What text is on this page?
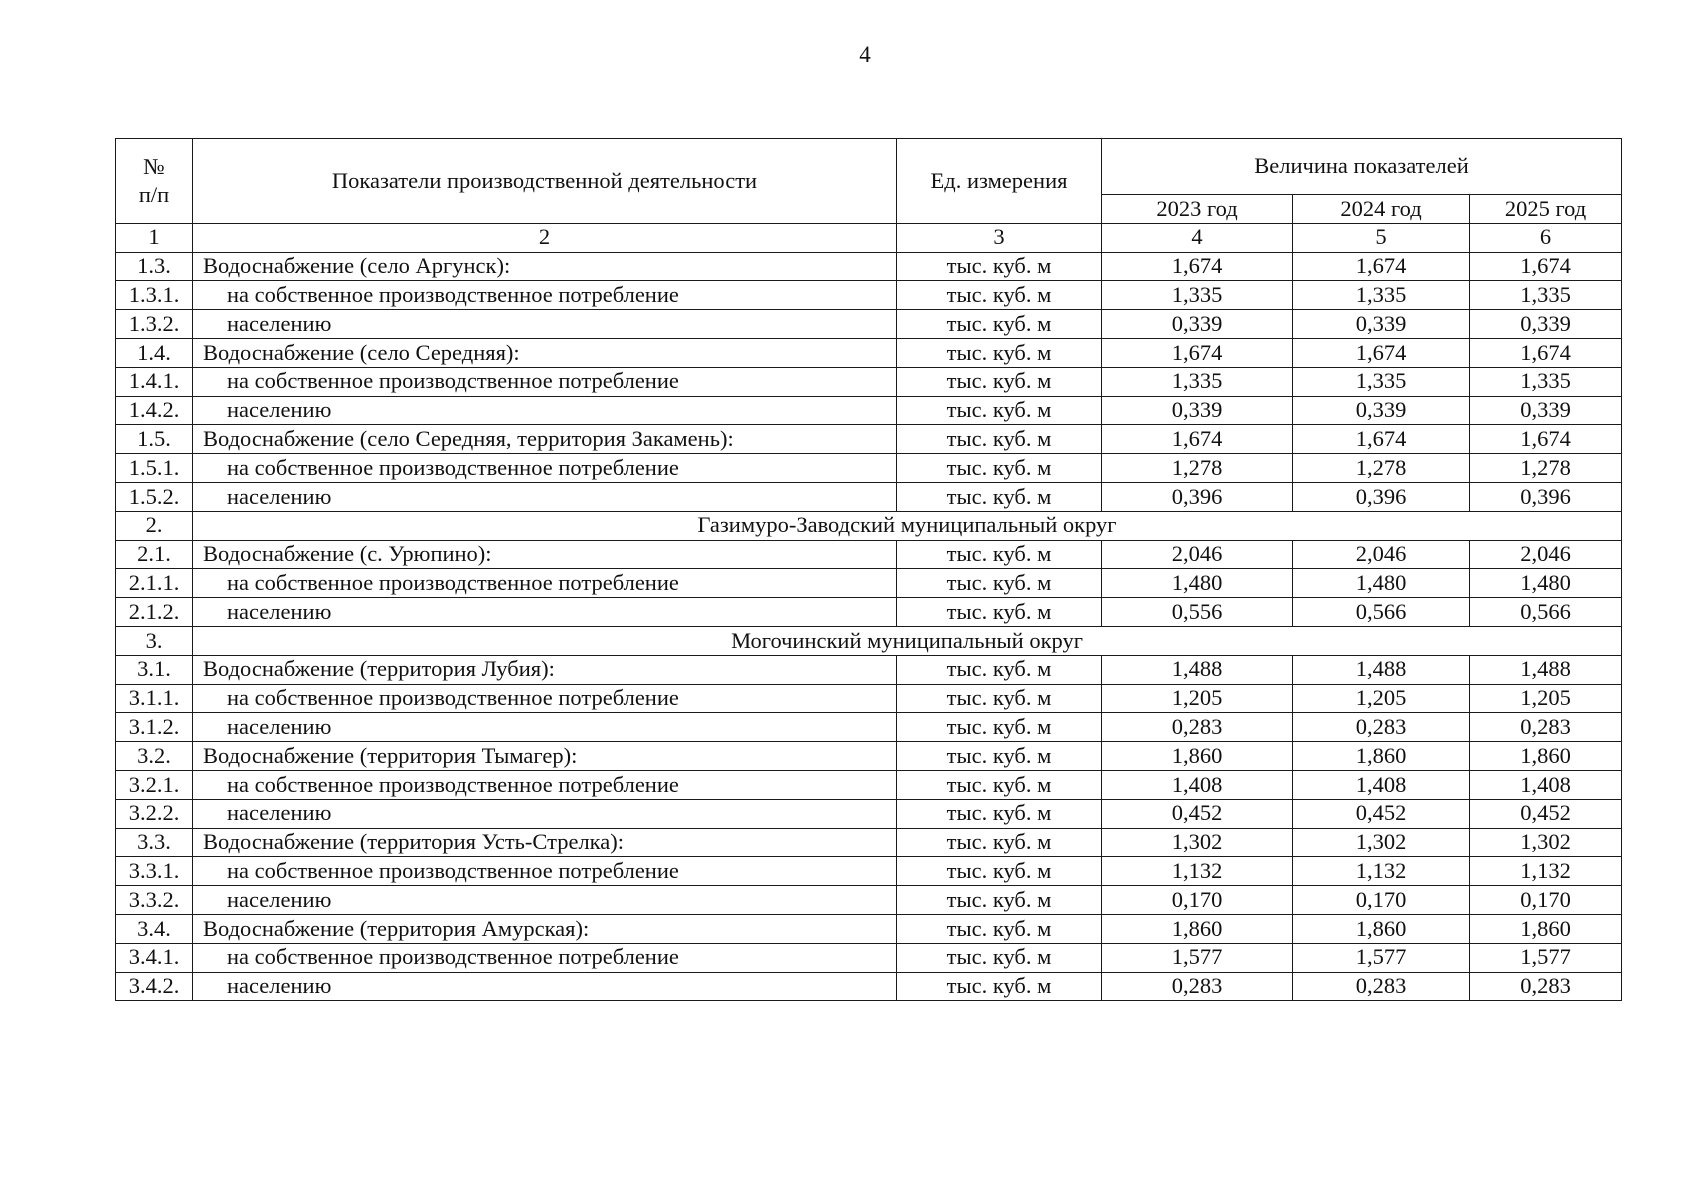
4
№
п/п	Показатели производственной деятельности	Ед. измерения	Величина показателей		
			2023 год	2024 год	2025 год
1	2	3	4	5	6
1.3.	Водоснабжение (село Аргунск):	тыс. куб. м	1,674	1,674	1,674
1.3.1.	на собственное производственное потребление	тыс. куб. м	1,335	1,335	1,335
1.3.2.	населению	тыс. куб. м	0,339	0,339	0,339
1.4.	Водоснабжение (село Середняя):	тыс. куб. м	1,674	1,674	1,674
1.4.1.	на собственное производственное потребление	тыс. куб. м	1,335	1,335	1,335
1.4.2.	населению	тыс. куб. м	0,339	0,339	0,339
1.5.	Водоснабжение (село Середняя, территория Закамень):	тыс. куб. м	1,674	1,674	1,674
1.5.1.	на собственное производственное потребление	тыс. куб. м	1,278	1,278	1,278
1.5.2.	населению	тыс. куб. м	0,396	0,396	0,396
2.	Газимуро-Заводский муниципальный округ				
2.1.	Водоснабжение (с. Урюпино):	тыс. куб. м	2,046	2,046	2,046
2.1.1.	на собственное производственное потребление	тыс. куб. м	1,480	1,480	1,480
2.1.2.	населению	тыс. куб. м	0,556	0,566	0,566
3.	Могочинский муниципальный округ				
3.1.	Водоснабжение (территория Лубия):	тыс. куб. м	1,488	1,488	1,488
3.1.1.	на собственное производственное потребление	тыс. куб. м	1,205	1,205	1,205
3.1.2.	населению	тыс. куб. м	0,283	0,283	0,283
3.2.	Водоснабжение (территория Тымагер):	тыс. куб. м	1,860	1,860	1,860
3.2.1.	на собственное производственное потребление	тыс. куб. м	1,408	1,408	1,408
3.2.2.	населению	тыс. куб. м	0,452	0,452	0,452
3.3.	Водоснабжение (территория Усть-Стрелка):	тыс. куб. м	1,302	1,302	1,302
3.3.1.	на собственное производственное потребление	тыс. куб. м	1,132	1,132	1,132
3.3.2.	населению	тыс. куб. м	0,170	0,170	0,170
3.4.	Водоснабжение (территория Амурская):	тыс. куб. м	1,860	1,860	1,860
3.4.1.	на собственное производственное потребление	тыс. куб. м	1,577	1,577	1,577
3.4.2.	населению	тыс. куб. м	0,283	0,283	0,283
